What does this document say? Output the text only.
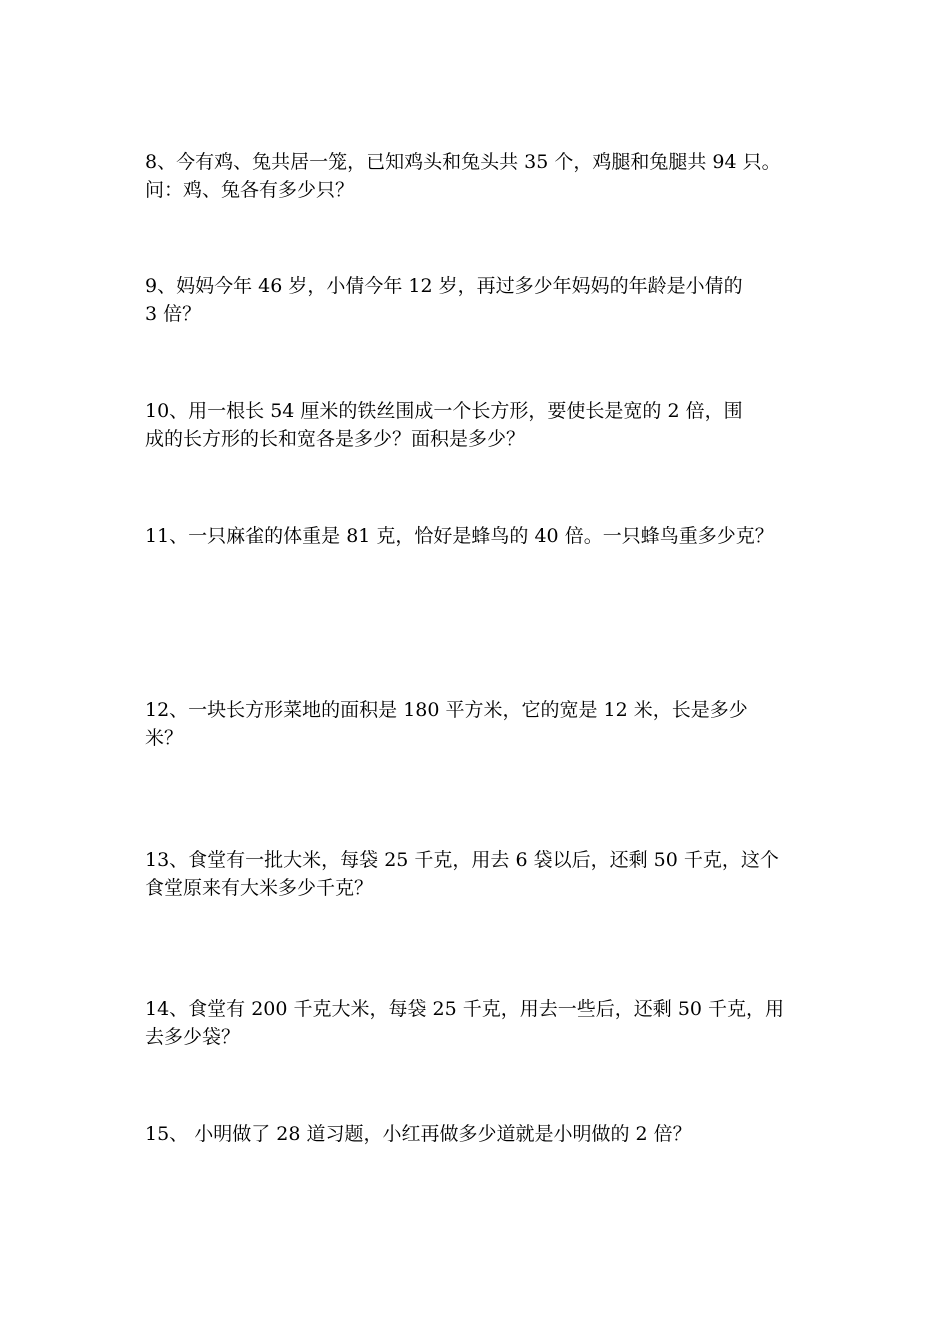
8、今有鸡、兔共居一笼，已知鸡头和兔头共 35 个，鸡腿和兔腿共 94 只。
问：鸡、兔各有多少只？
9、妈妈今年 46 岁，小倩今年 12 岁，再过多少年妈妈的年龄是小倩的
3 倍？
10、用一根长 54 厘米的铁丝围成一个长方形，要使长是宽的 2 倍，围
成的长方形的长和宽各是多少？面积是多少？
11、一只麻雀的体重是 81 克，恰好是蜂鸟的 40 倍。一只蜂鸟重多少克？
12、一块长方形菜地的面积是 180 平方米，它的宽是 12 米，长是多少
米？
13、食堂有一批大米，每袋 25 千克，用去 6 袋以后，还剩 50 千克，这个
食堂原来有大米多少千克？
14、食堂有 200 千克大米，每袋 25 千克，用去一些后，还剩 50 千克，用
去多少袋？
15、 小明做了 28 道习题，小红再做多少道就是小明做的 2 倍？
